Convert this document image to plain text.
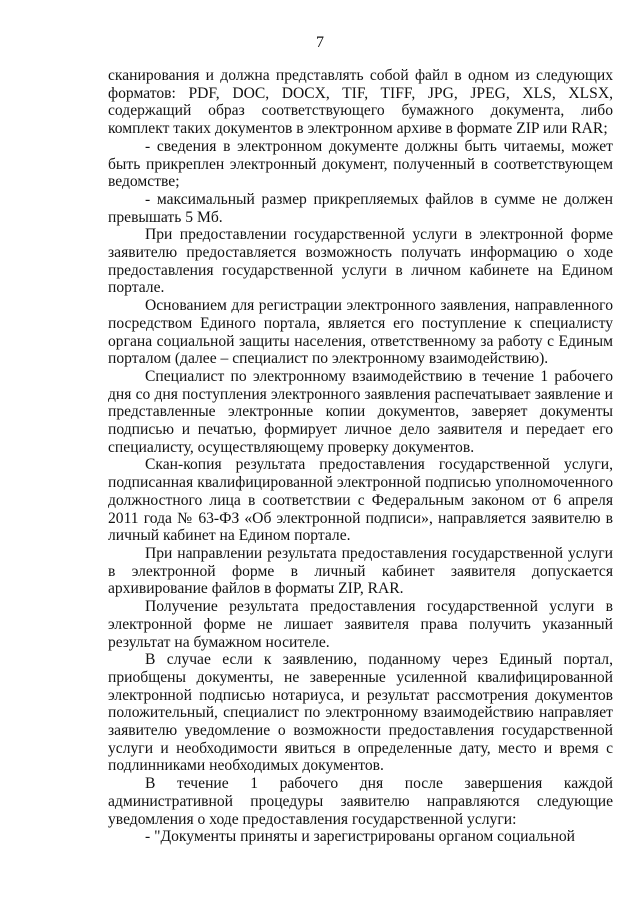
7

сканирования и должна представлять собой файл в одном из следующих форматов: PDF, DOC, DOCX, TIF, TIFF, JPG, JPEG, XLS, XLSX, содержащий образ соответствующего бумажного документа, либо комплект таких документов в электронном архиве в формате ZIP или RAR;

- сведения в электронном документе должны быть читаемы, может быть прикреплен электронный документ, полученный в соответствующем ведомстве;

- максимальный размер прикрепляемых файлов в сумме не должен превышать 5 Мб.

При предоставлении государственной услуги в электронной форме заявителю предоставляется возможность получать информацию о ходе предоставления государственной услуги в личном кабинете на Едином портале.

Основанием для регистрации электронного заявления, направленного посредством Единого портала, является его поступление к специалисту органа социальной защиты населения, ответственному за работу с Единым порталом (далее – специалист по электронному взаимодействию).

Специалист по электронному взаимодействию в течение 1 рабочего дня со дня поступления электронного заявления распечатывает заявление и представленные электронные копии документов, заверяет документы подписью и печатью, формирует личное дело заявителя и передает его специалисту, осуществляющему проверку документов.

Скан-копия результата предоставления государственной услуги, подписанная квалифицированной электронной подписью уполномоченного должностного лица в соответствии с Федеральным законом от 6 апреля 2011 года № 63-ФЗ «Об электронной подписи», направляется заявителю в личный кабинет на Едином портале.

При направлении результата предоставления государственной услуги в электронной форме в личный кабинет заявителя допускается архивирование файлов в форматы ZIP, RAR.

Получение результата предоставления государственной услуги в электронной форме не лишает заявителя права получить указанный результат на бумажном носителе.

В случае если к заявлению, поданному через Единый портал, приобщены документы, не заверенные усиленной квалифицированной электронной подписью нотариуса, и результат рассмотрения документов положительный, специалист по электронному взаимодействию направляет заявителю уведомление о возможности предоставления государственной услуги и необходимости явиться в определенные дату, место и время с подлинниками необходимых документов.

В течение 1 рабочего дня после завершения каждой административной процедуры заявителю направляются следующие уведомления о ходе предоставления государственной услуги:

- "Документы приняты и зарегистрированы органом социальной
